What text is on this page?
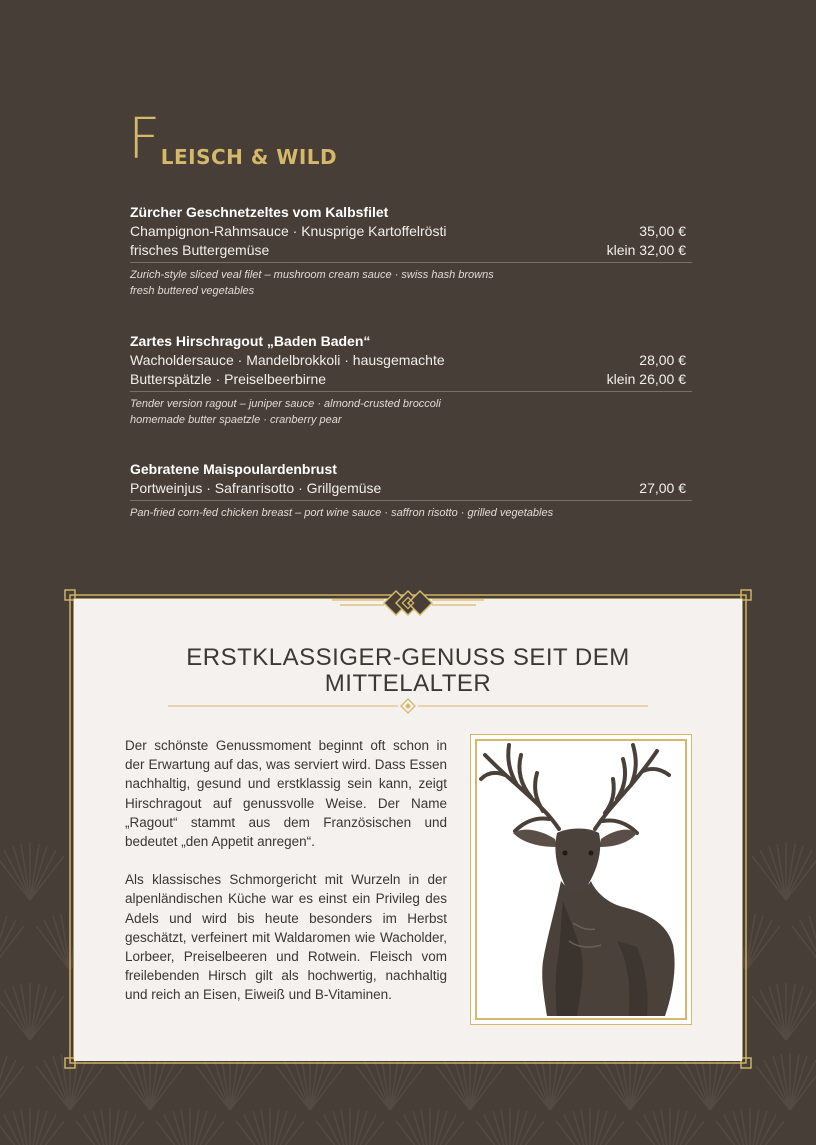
FLEISCH & WILD
Zürcher Geschnetzeltes vom Kalbsfilet
Champignon-Rahmsauce · Knusprige Kartoffelrösti	35,00 €
frisches Buttergemüse	klein 32,00 €
Zurich-style sliced veal filet – mushroom cream sauce · swiss hash browns
fresh buttered vegetables
Zartes Hirschragout „Baden Baden“
Wacholdersauce · Mandelbrokkoli · hausgemachte	28,00 €
Butterspätzle · Preiselbeerbirne	klein 26,00 €
Tender version ragout – juniper sauce · almond-crusted broccoli
homemade butter spaetzle · cranberry pear
Gebratene Maispoulardenbrust
Portweinjus · Safranrisotto · Grillgemüse	27,00 €
Pan-fried corn-fed chicken breast – port wine sauce · saffron risotto · grilled vegetables
ERSTKLASSIGER-GENUSS SEIT DEM
MITTELALTER

Der schönste Genussmoment beginnt oft schon in der Erwartung auf das, was serviert wird. Dass Essen nachhaltig, gesund und erstklassig sein kann, zeigt Hirschragout auf genussvolle Weise. Der Name „Ragout“ stammt aus dem Französischen und bedeutet „den Appetit anregen“.

Als klassisches Schmorgericht mit Wurzeln in der alpenländischen Küche war es einst ein Privileg des Adels und wird bis heute besonders im Herbst geschätzt, verfeinert mit Waldaromen wie Wacholder, Lorbeer, Preiselbeeren und Rotwein. Fleisch vom freilebenden Hirsch gilt als hochwertig, nachhaltig und reich an Eisen, Eiweiß und B-Vitaminen.
